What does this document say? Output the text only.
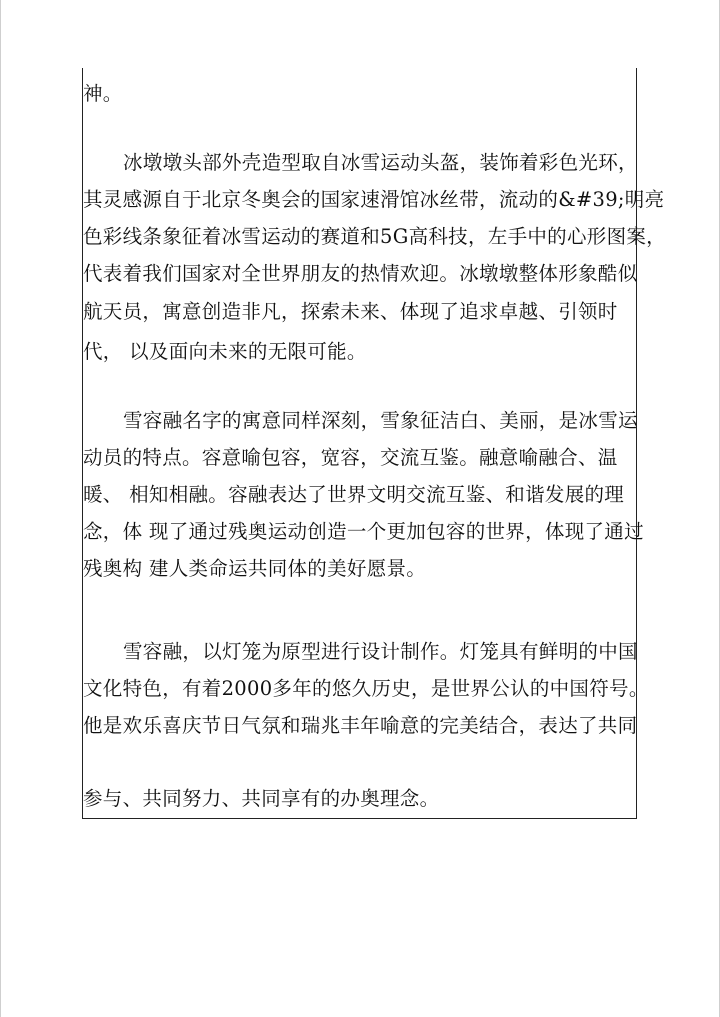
神。
冰墩墩头部外壳造型取自冰雪运动头盔，装饰着彩色光环，
其灵感源自于北京冬奥会的国家速滑馆冰丝带，流动的&#39;明亮
色彩线条象征着冰雪运动的赛道和5G高科技，左手中的心形图案，
代表着我们国家对全世界朋友的热情欢迎。冰墩墩整体形象酷似
航天员，寓意创造非凡，探索未来、体现了追求卓越、引领时
代， 以及面向未来的无限可能。
雪容融名字的寓意同样深刻，雪象征洁白、美丽，是冰雪运
动员的特点。容意喻包容，宽容，交流互鉴。融意喻融合、温
暖、 相知相融。容融表达了世界文明交流互鉴、和谐发展的理
念，体 现了通过残奥运动创造一个更加包容的世界，体现了通过
残奥构 建人类命运共同体的美好愿景。
雪容融，以灯笼为原型进行设计制作。灯笼具有鲜明的中国
文化特色，有着2000多年的悠久历史，是世界公认的中国符号。
他是欢乐喜庆节日气氛和瑞兆丰年喻意的完美结合，表达了共同
参与、共同努力、共同享有的办奥理念。
